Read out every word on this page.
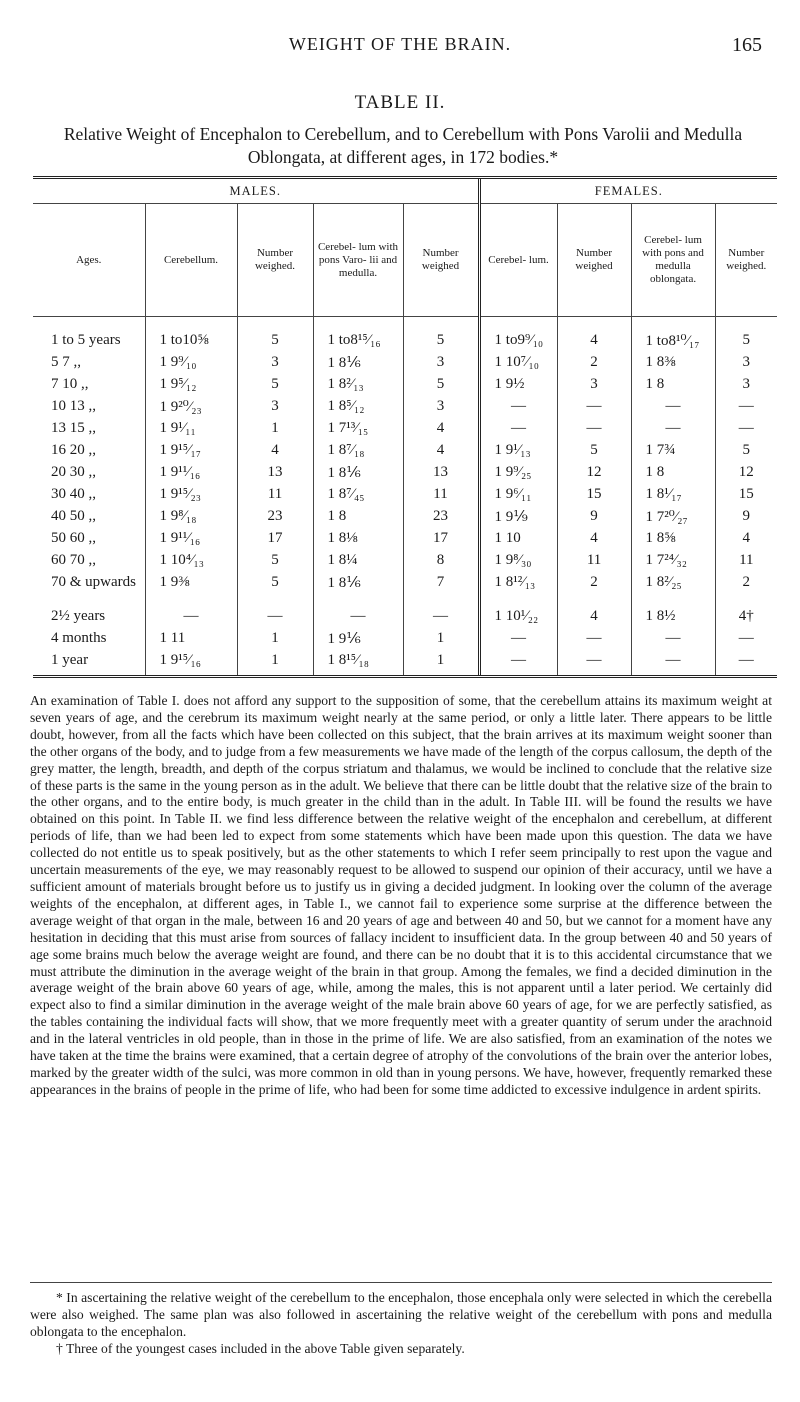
WEIGHT OF THE BRAIN.	165
TABLE II.
Relative Weight of Encephalon to Cerebellum, and to Cerebellum with Pons Varolii and Medulla Oblongata, at different ages, in 172 bodies.*
MALES.					FEMALES.			
Ages.	Cerebellum.	Number weighed.	Cerebel- lum with pons Varo- lii and medulla.	Number weighed	Cerebel- lum.	Number weighed	Cerebel- lum with pons and medulla oblongata.	Number weighed.
1 to 5 years	1 to10⅝	5	1 to8¹⁵⁄₁₆	5	1 to9⁹⁄₁₀	4	1 to8¹⁰⁄₁₇	5
5 7 ,,	1 9⁹⁄₁₀	3	1 8⅙	3	1 10⁷⁄₁₀	2	1 8⅜	3
7 10 ,,	1 9⁵⁄₁₂	5	1 8²⁄₁₃	5	1 9½	3	1 8	3
10 13 ,,	1 9²⁰⁄₂₃	3	1 8⁵⁄₁₂	3	—	—	—	—
13 15 ,,	1 9¹⁄₁₁	1	1 7¹³⁄₁₅	4	—	—	—	—
16 20 ,,	1 9¹⁵⁄₁₇	4	1 8⁷⁄₁₈	4	1 9¹⁄₁₃	5	1 7¾	5
20 30 ,,	1 9¹¹⁄₁₆	13	1 8⅙	13	1 9⁹⁄₂₅	12	1 8	12
30 40 ,,	1 9¹⁵⁄₂₃	11	1 8⁷⁄₄₅	11	1 9⁶⁄₁₁	15	1 8¹⁄₁₇	15
40 50 ,,	1 9⁸⁄₁₈	23	1 8	23	1 9⅑	9	1 7²⁰⁄₂₇	9
50 60 ,,	1 9¹¹⁄₁₆	17	1 8⅛	17	1 10	4	1 8⅝	4
60 70 ,,	1 10⁴⁄₁₃	5	1 8¼	8	1 9⁸⁄₃₀	11	1 7²⁴⁄₃₂	11
70 & upwards	1 9⅜	5	1 8⅙	7	1 8¹²⁄₁₃	2	1 8²⁄₂₅	2
2½ years	—	—	—	—	1 10¹⁄₂₂	4	1 8½	4†
4 months	1 11	1	1 9⅙	1	—	—	—	—
1 year	1 9¹⁵⁄₁₆	1	1 8¹⁵⁄₁₈	1	—	—	—	—

An examination of Table I. does not afford any support to the supposition of some, that the cerebellum attains its maximum weight at seven years of age, and the cerebrum its maximum weight nearly at the same period, or only a little later. There appears to be little doubt, however, from all the facts which have been collected on this subject, that the brain arrives at its maximum weight sooner than the other organs of the body, and to judge from a few measurements we have made of the length of the corpus callosum, the depth of the grey matter, the length, breadth, and depth of the corpus striatum and thalamus, we would be inclined to conclude that the relative size of these parts is the same in the young person as in the adult. We believe that there can be little doubt that the relative size of the brain to the other organs, and to the entire body, is much greater in the child than in the adult. In Table III. will be found the results we have obtained on this point. In Table II. we find less difference between the relative weight of the encephalon and cerebellum, at different periods of life, than we had been led to expect from some statements which have been made upon this question. The data we have collected do not entitle us to speak positively, but as the other statements to which I refer seem principally to rest upon the vague and uncertain measurements of the eye, we may reasonably request to be allowed to suspend our opinion of their accuracy, until we have a sufficient amount of materials brought before us to justify us in giving a decided judgment. In looking over the column of the average weights of the encephalon, at different ages, in Table I., we cannot fail to experience some surprise at the difference between the average weight of that organ in the male, between 16 and 20 years of age and between 40 and 50, but we cannot for a moment have any hesitation in deciding that this must arise from sources of fallacy incident to insufficient data. In the group between 40 and 50 years of age some brains much below the average weight are found, and there can be no doubt that it is to this accidental circumstance that we must attribute the diminution in the average weight of the brain in that group. Among the females, we find a decided diminution in the average weight of the brain above 60 years of age, while, among the males, this is not apparent until a later period. We certainly did expect also to find a similar diminution in the average weight of the male brain above 60 years of age, for we are perfectly satisfied, as the tables containing the individual facts will show, that we more frequently meet with a greater quantity of serum under the arachnoid and in the lateral ventricles in old people, than in those in the prime of life. We are also satisfied, from an examination of the notes we have taken at the time the brains were examined, that a certain degree of atrophy of the convolutions of the brain over the anterior lobes, marked by the greater width of the sulci, was more common in old than in young persons. We have, however, frequently remarked these appearances in the brains of people in the prime of life, who had been for some time addicted to excessive indulgence in ardent spirits.

* In ascertaining the relative weight of the cerebellum to the encephalon, those encephala only were selected in which the cerebella were also weighed. The same plan was also followed in ascertaining the relative weight of the cerebellum with pons and medulla oblongata to the encephalon.

† Three of the youngest cases included in the above Table given separately.
